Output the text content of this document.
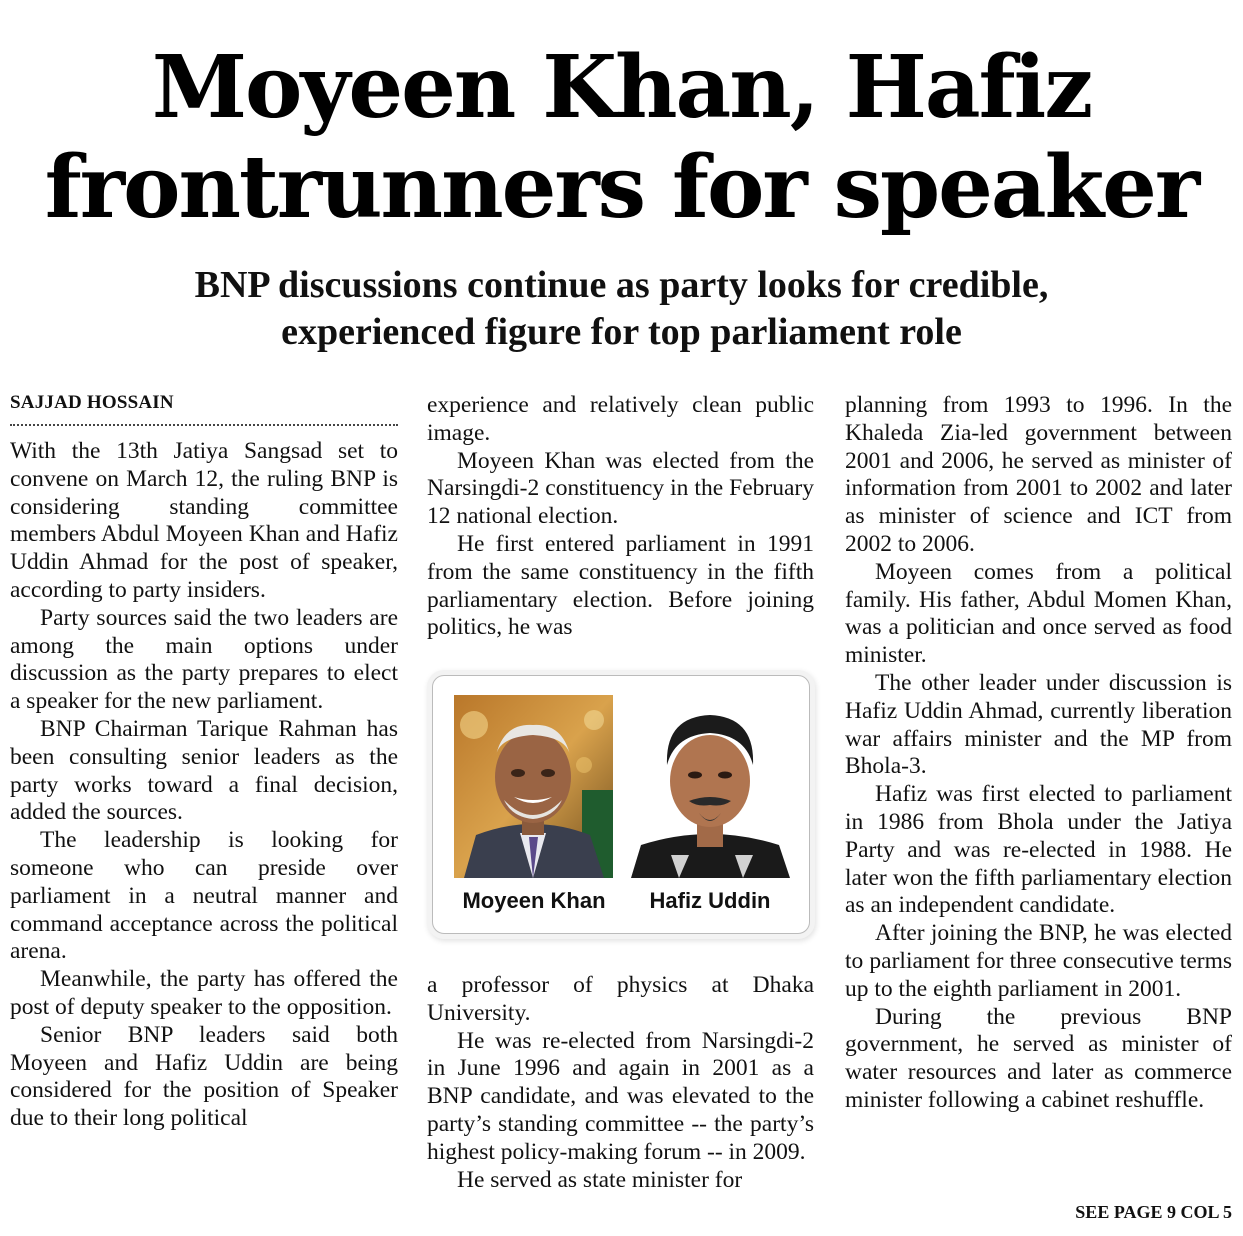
Moyeen Khan, Hafiz
frontrunners for speaker
BNP discussions continue as party looks for credible,
experienced figure for top parliament role
SAJJAD HOSSAIN

With the 13th Jatiya Sangsad set to convene on March 12, the ruling BNP is considering standing committee members Abdul Moyeen Khan and Hafiz Uddin Ahmad for the post of speaker, according to party insiders.

Party sources said the two leaders are among the main options under discussion as the party prepares to elect a speaker for the new parliament.

BNP Chairman Tarique Rahman has been consulting senior leaders as the party works toward a final decision, added the sources.

The leadership is looking for someone who can preside over parliament in a neutral manner and command acceptance across the political arena.

Meanwhile, the party has offered the post of deputy speaker to the opposition.

Senior BNP leaders said both Moyeen and Hafiz Uddin are being considered for the position of Speaker due to their long political

experience and relatively clean public image.

Moyeen Khan was elected from the Narsingdi-2 constituency in the February 12 national election.

He first entered parliament in 1991 from the same constituency in the fifth parliamentary election. Before joining politics, he was

Moyeen Khan	Hafiz Uddin

a professor of physics at Dhaka University.

He was re-elected from Narsingdi-2 in June 1996 and again in 2001 as a BNP candidate, and was elevated to the party’s standing committee -- the party’s highest policy-making forum -- in 2009.

He served as state minister for

planning from 1993 to 1996. In the Khaleda Zia-led government between 2001 and 2006, he served as minister of information from 2001 to 2002 and later as minister of science and ICT from 2002 to 2006.

Moyeen comes from a political family. His father, Abdul Momen Khan, was a politician and once served as food minister.

The other leader under discussion is Hafiz Uddin Ahmad, currently liberation war affairs minister and the MP from Bhola-3.

Hafiz was first elected to parliament in 1986 from Bhola under the Jatiya Party and was re-elected in 1988. He later won the fifth parliamentary election as an independent candidate.

After joining the BNP, he was elected to parliament for three consecutive terms up to the eighth parliament in 2001.

During the previous BNP government, he served as minister of water resources and later as commerce minister following a cabinet reshuffle.

SEE PAGE 9 COL 5
